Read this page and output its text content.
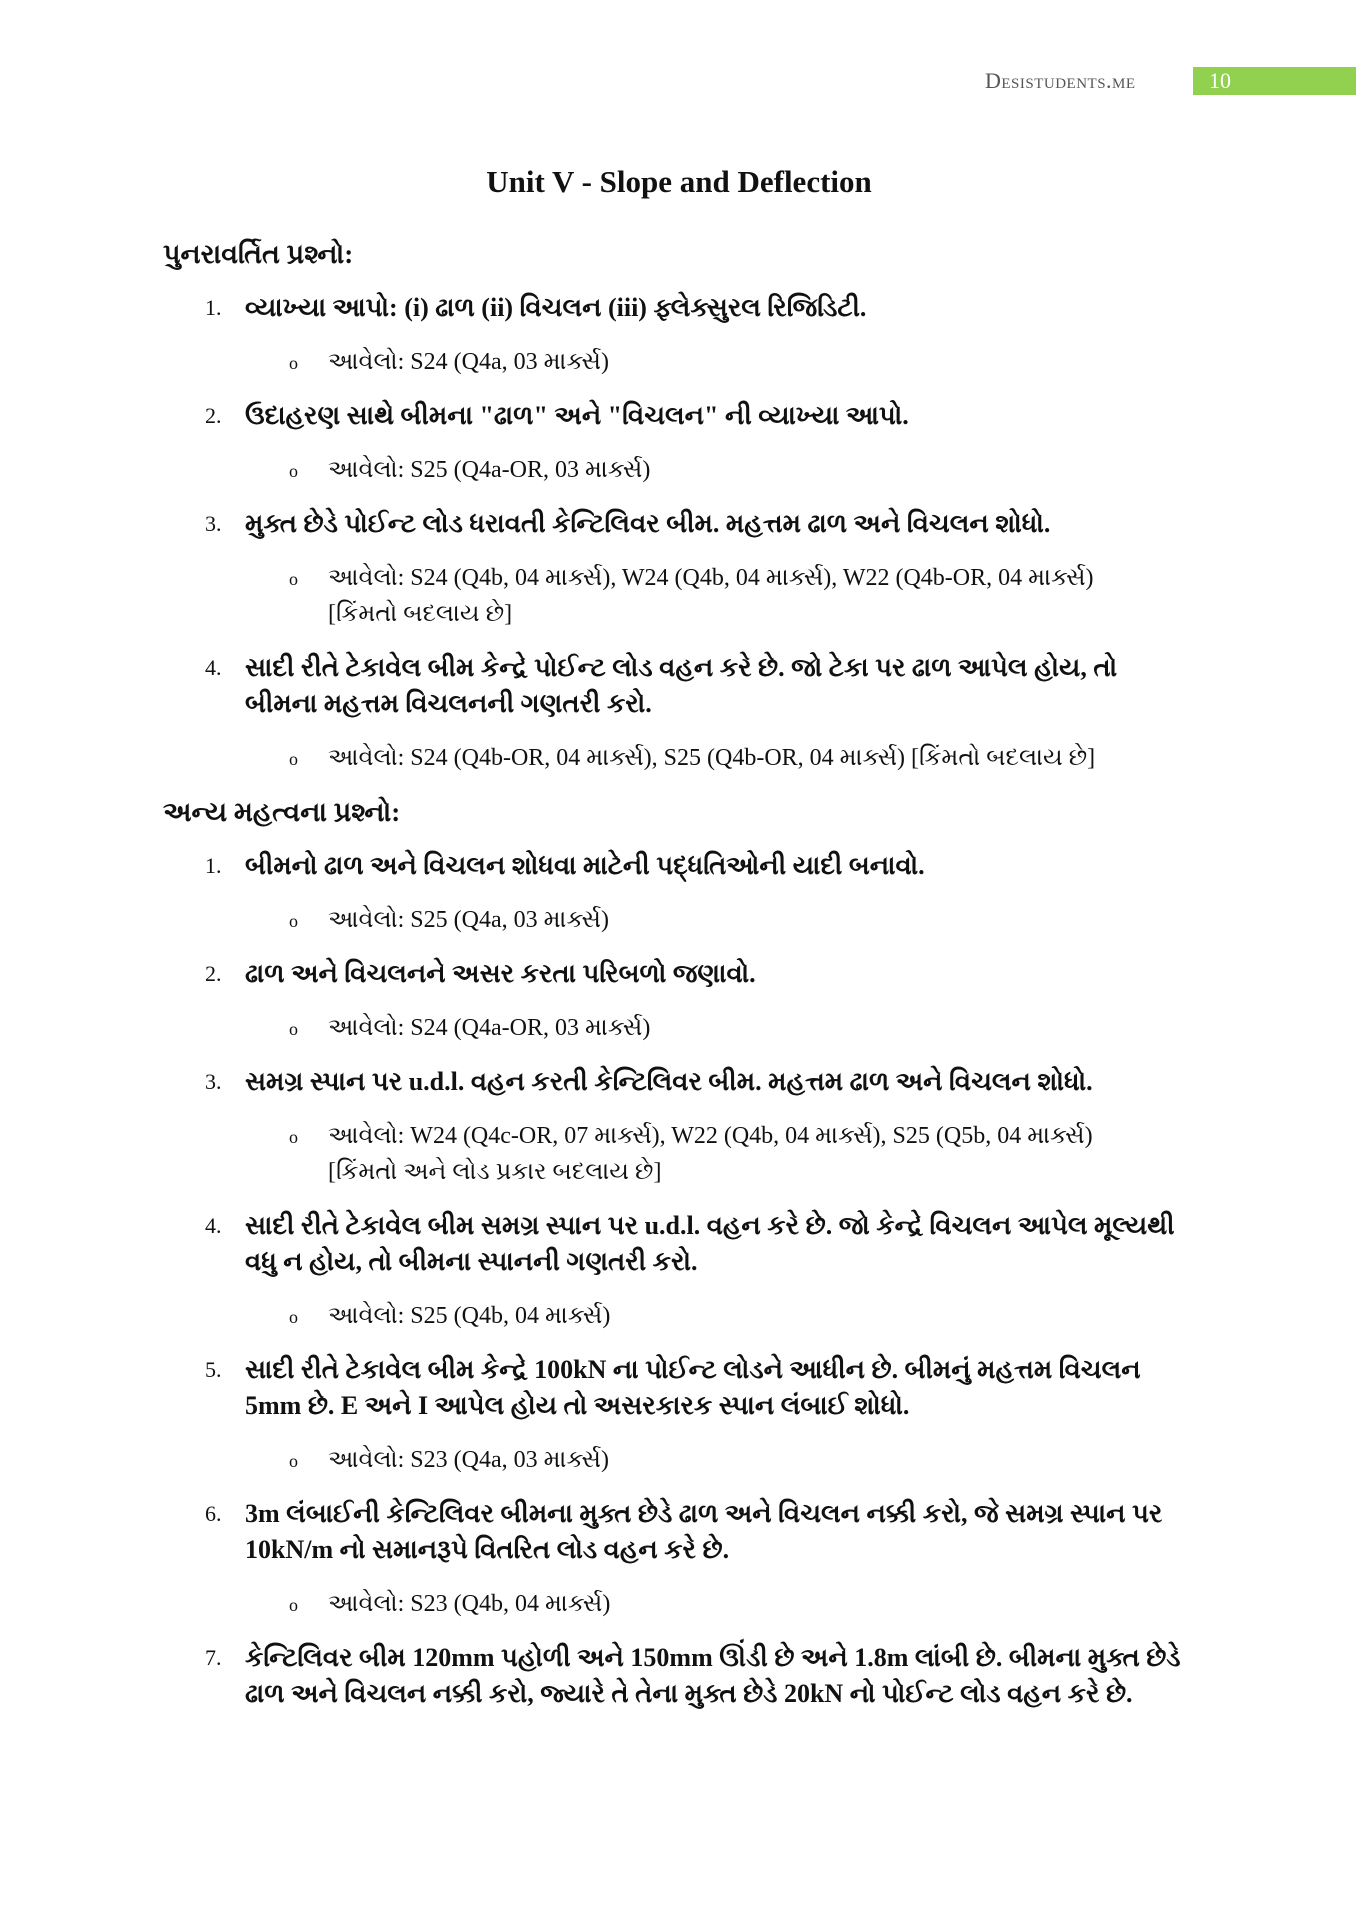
Desistudents.me	10
Unit V - Slope and Deflection
પુનરાવર્તિત પ્રશ્નો:
1. વ્યાખ્યા આપો: (i) ઢાળ (ii) વિચલન (iii) ફ્લેક્સુરલ રિજિડિટી.
o આવેલો: S24 (Q4a, 03 માર્ક્સ)
2. ઉદાહરણ સાથે બીમના "ઢાળ" અને "વિચલન" ની વ્યાખ્યા આપો.
o આવેલો: S25 (Q4a-OR, 03 માર્ક્સ)
3. મુક્ત છેડે પોઈન્ટ લોડ ધરાવતી કેન્ટિલિવર બીમ. મહત્તમ ઢાળ અને વિચલન શોધો.
o આવેલો: S24 (Q4b, 04 માર્ક્સ), W24 (Q4b, 04 માર્ક્સ), W22 (Q4b-OR, 04 માર્ક્સ)
[કિંમતો બદલાય છે]
4. સાદી રીતે ટેકાવેલ બીમ કેન્દ્રે પોઈન્ટ લોડ વહન કરે છે. જો ટેકા પર ઢાળ આપેલ હોય, તો
બીમના મહત્તમ વિચલનની ગણતરી કરો.
o આવેલો: S24 (Q4b-OR, 04 માર્ક્સ), S25 (Q4b-OR, 04 માર્ક્સ) [કિંમતો બદલાય છે]
અન્ય મહત્વના પ્રશ્નો:
1. બીમનો ઢાળ અને વિચલન શોધવા માટેની પદ્ધતિઓની યાદી બનાવો.
o આવેલો: S25 (Q4a, 03 માર્ક્સ)
2. ઢાળ અને વિચલનને અસર કરતા પરિબળો જણાવો.
o આવેલો: S24 (Q4a-OR, 03 માર્ક્સ)
3. સમગ્ર સ્પાન પર u.d.l. વહન કરતી કેન્ટિલિવર બીમ. મહત્તમ ઢાળ અને વિચલન શોધો.
o આવેલો: W24 (Q4c-OR, 07 માર્ક્સ), W22 (Q4b, 04 માર્ક્સ), S25 (Q5b, 04 માર્ક્સ)
[કિંમતો અને લોડ પ્રકાર બદલાય છે]
4. સાદી રીતે ટેકાવેલ બીમ સમગ્ર સ્પાન પર u.d.l. વહન કરે છે. જો કેન્દ્રે વિચલન આપેલ મૂલ્યથી
વધુ ન હોય, તો બીમના સ્પાનની ગણતરી કરો.
o આવેલો: S25 (Q4b, 04 માર્ક્સ)
5. સાદી રીતે ટેકાવેલ બીમ કેન્દ્રે 100kN ના પોઈન્ટ લોડને આધીન છે. બીમનું મહત્તમ વિચલન
5mm છે. E અને I આપેલ હોય તો અસરકારક સ્પાન લંબાઈ શોધો.
o આવેલો: S23 (Q4a, 03 માર્ક્સ)
6. 3m લંબાઈની કેન્ટિલિવર બીમના મુક્ત છેડે ઢાળ અને વિચલન નક્કી કરો, જે સમગ્ર સ્પાન પર
10kN/m નો સમાનરૂપે વિતરિત લોડ વહન કરે છે.
o આવેલો: S23 (Q4b, 04 માર્ક્સ)
7. કેન્ટિલિવર બીમ 120mm પહોળી અને 150mm ઊંડી છે અને 1.8m લાંબી છે. બીમના મુક્ત છેડે
ઢાળ અને વિચલન નક્કી કરો, જ્યારે તે તેના મુક્ત છેડે 20kN નો પોઈન્ટ લોડ વહન કરે છે.
